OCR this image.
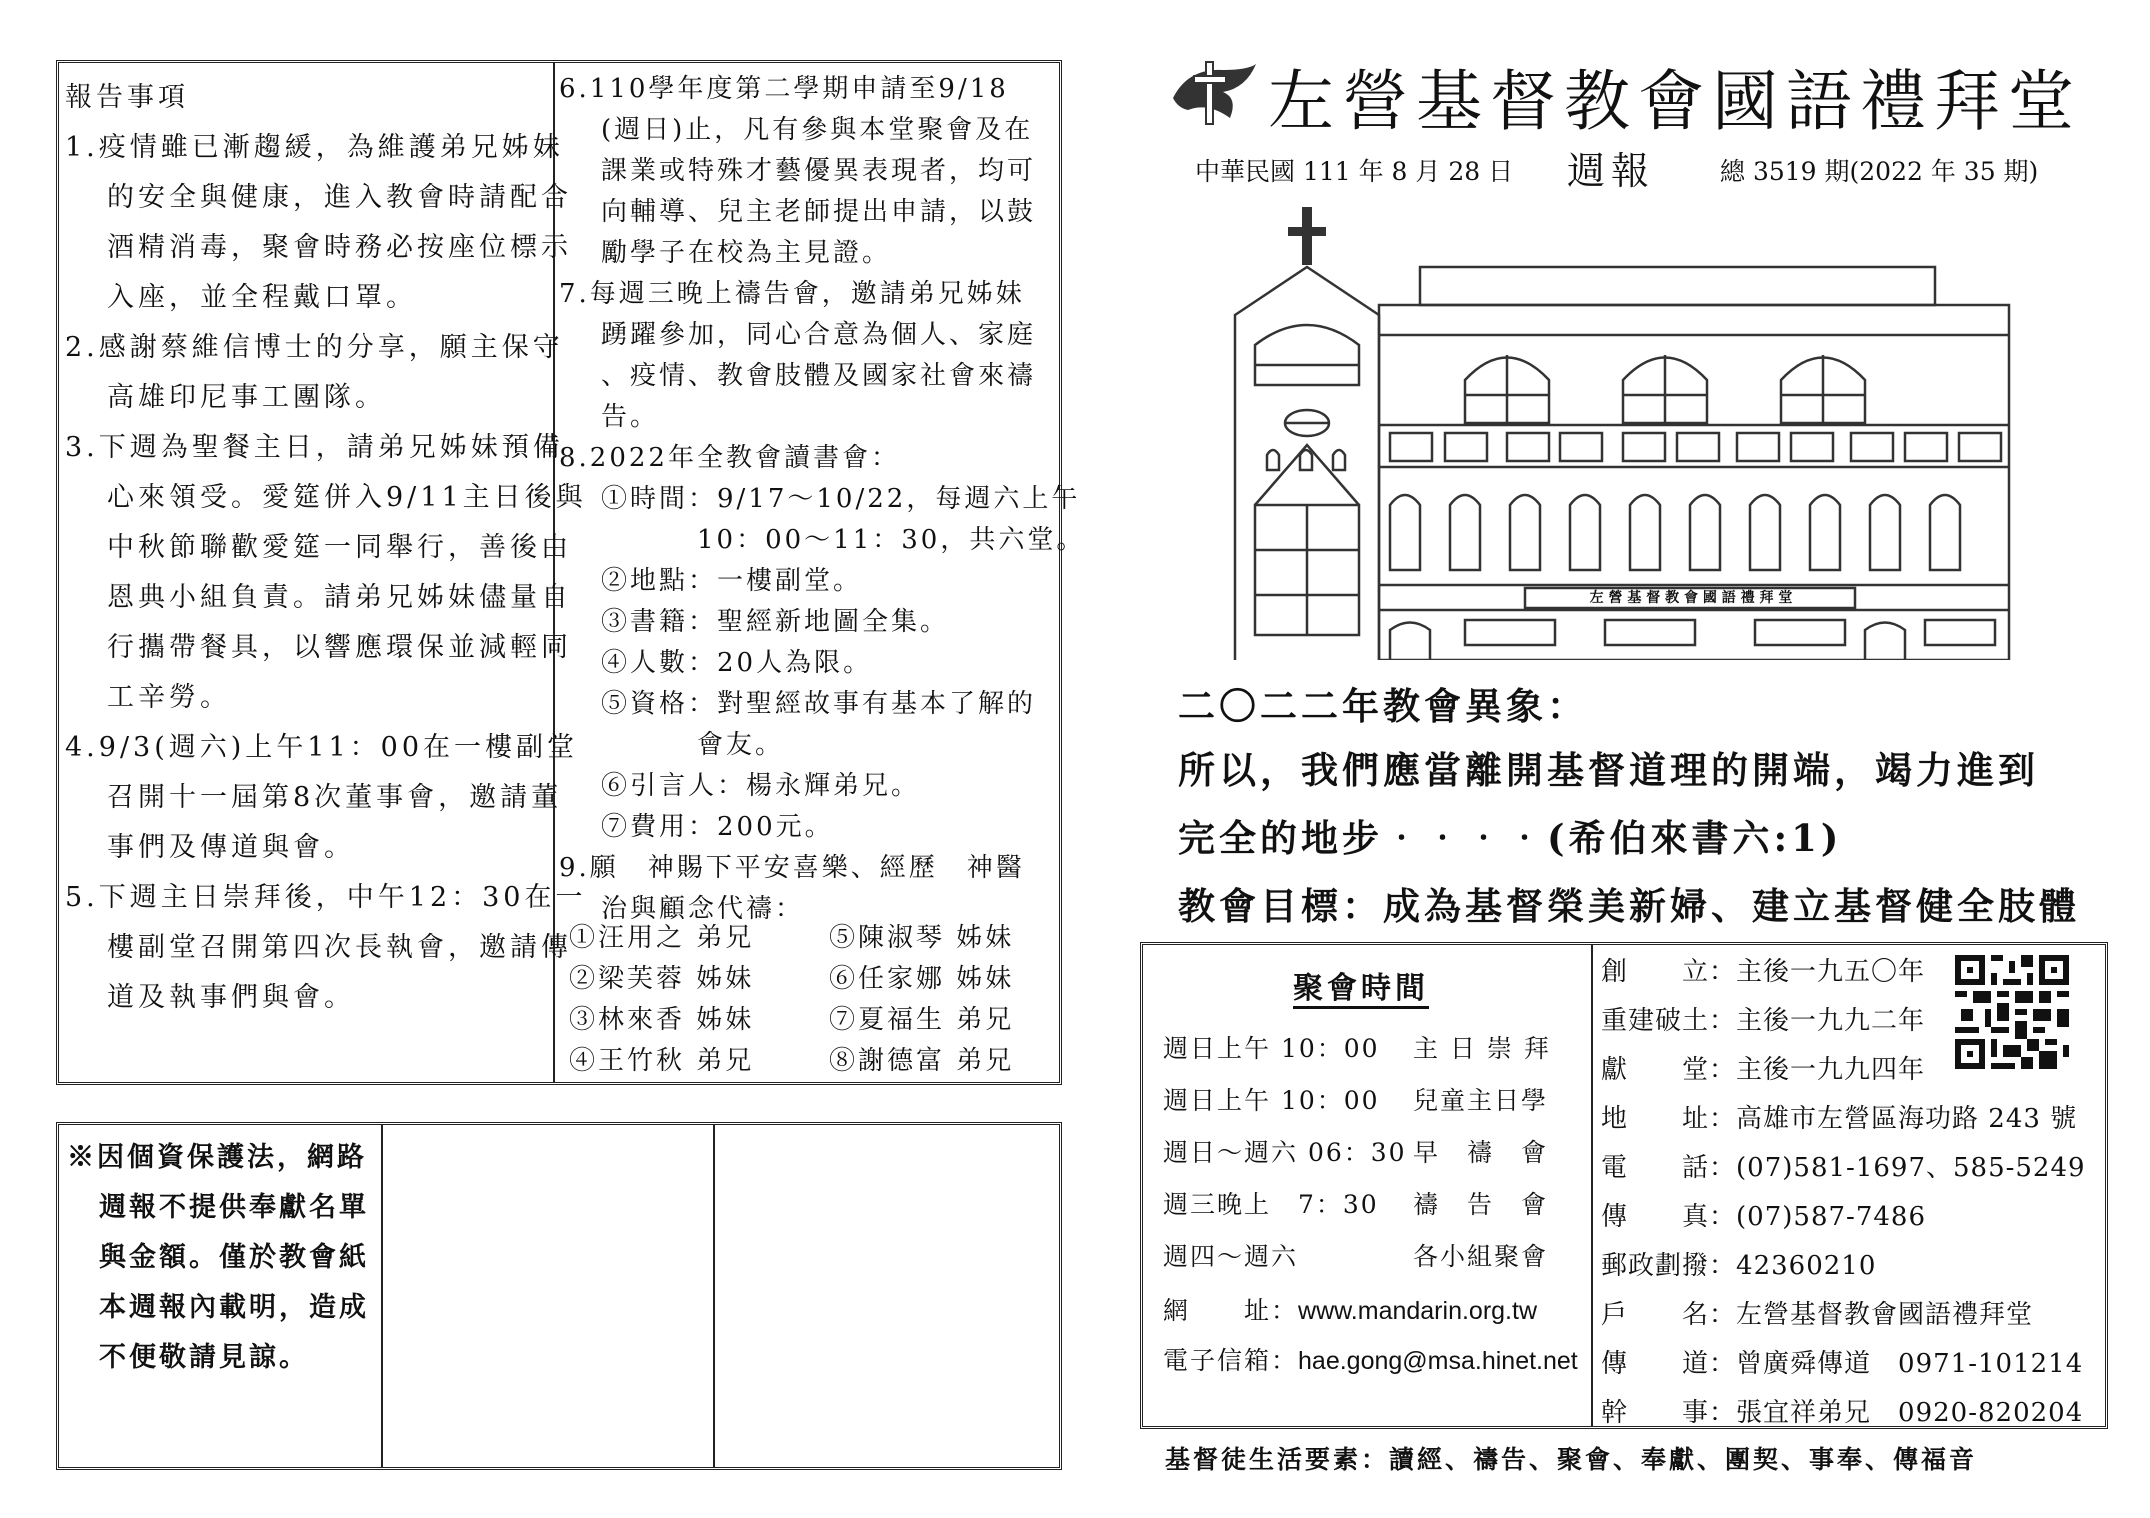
報告事項
1.疫情雖已漸趨緩，為維護弟兄姊妹
的安全與健康，進入教會時請配合
酒精消毒，聚會時務必按座位標示
入座，並全程戴口罩。
2.感謝蔡維信博士的分享，願主保守
高雄印尼事工團隊。
3.下週為聖餐主日，請弟兄姊妹預備
心來領受。愛筵併入9/11主日後與
中秋節聯歡愛筵一同舉行，善後由
恩典小組負責。請弟兄姊妹儘量自
行攜帶餐具，以響應環保並減輕同
工辛勞。
4.9/3(週六)上午11：00在一樓副堂
召開十一屆第8次董事會，邀請董
事們及傳道與會。
5.下週主日崇拜後，中午12：30在一
樓副堂召開第四次長執會，邀請傳
道及執事們與會。
6.110學年度第二學期申請至9/18
(週日)止，凡有參與本堂聚會及在
課業或特殊才藝優異表現者，均可
向輔導、兒主老師提出申請，以鼓
勵學子在校為主見證。
7.每週三晚上禱告會，邀請弟兄姊妹
踴躍參加，同心合意為個人、家庭
、疫情、教會肢體及國家社會來禱
告。
8.2022年全教會讀書會：
①時間：9/17～10/22，每週六上午
10：00～11：30，共六堂。
②地點：一樓副堂。
③書籍：聖經新地圖全集。
④人數：20人為限。
⑤資格：對聖經故事有基本了解的
會友。
⑥引言人：楊永輝弟兄。
⑦費用：200元。
9.願　神賜下平安喜樂、經歷　神醫
治與顧念代禱：
①汪用之 弟兄	⑤陳淑琴 姊妹
②梁芙蓉 姊妹	⑥任家娜 姊妹
③林來香 姊妹	⑦夏福生 弟兄
④王竹秋 弟兄	⑧謝德富 弟兄
※因個資保護法，網路
週報不提供奉獻名單
與金額。僅於教會紙
本週報內載明，造成
不便敬請見諒。
左營基督教會國語禮拜堂
中華民國 111 年 8 月 28 日 週報	總 3519 期(2022 年 35 期)
左 營 基 督 教 會 國 語 禮 拜 堂
二〇二二年教會異象：
所以，我們應當離開基督道理的開端，竭力進到
完全的地步‧‧‧‧(希伯來書六:1)
教會目標：成為基督榮美新婦、建立基督健全肢體
聚會時間
週日上午 10：00 主 日 崇 拜
週日上午 10：00 兒童主日學
週日～週六 06：30 早　禱　會
週三晚上　7：30 禱　告　會
週四～週六	各小組聚會
網　　址：www.mandarin.org.tw
電子信箱：hae.gong@msa.hinet.net
創　　立：主後一九五〇年
重建破土：主後一九九二年
獻　　堂：主後一九九四年
地　　址：高雄市左營區海功路 243 號
電　　話：(07)581-1697、585-5249
傳　　真：(07)587-7486
郵政劃撥：42360210
戶　　名：左營基督教會國語禮拜堂
傳　　道：曾廣舜傳道　0971-101214
幹　　事：張宜祥弟兄　0920-820204
基督徒生活要素：讀經、禱告、聚會、奉獻、團契、事奉、傳福音
